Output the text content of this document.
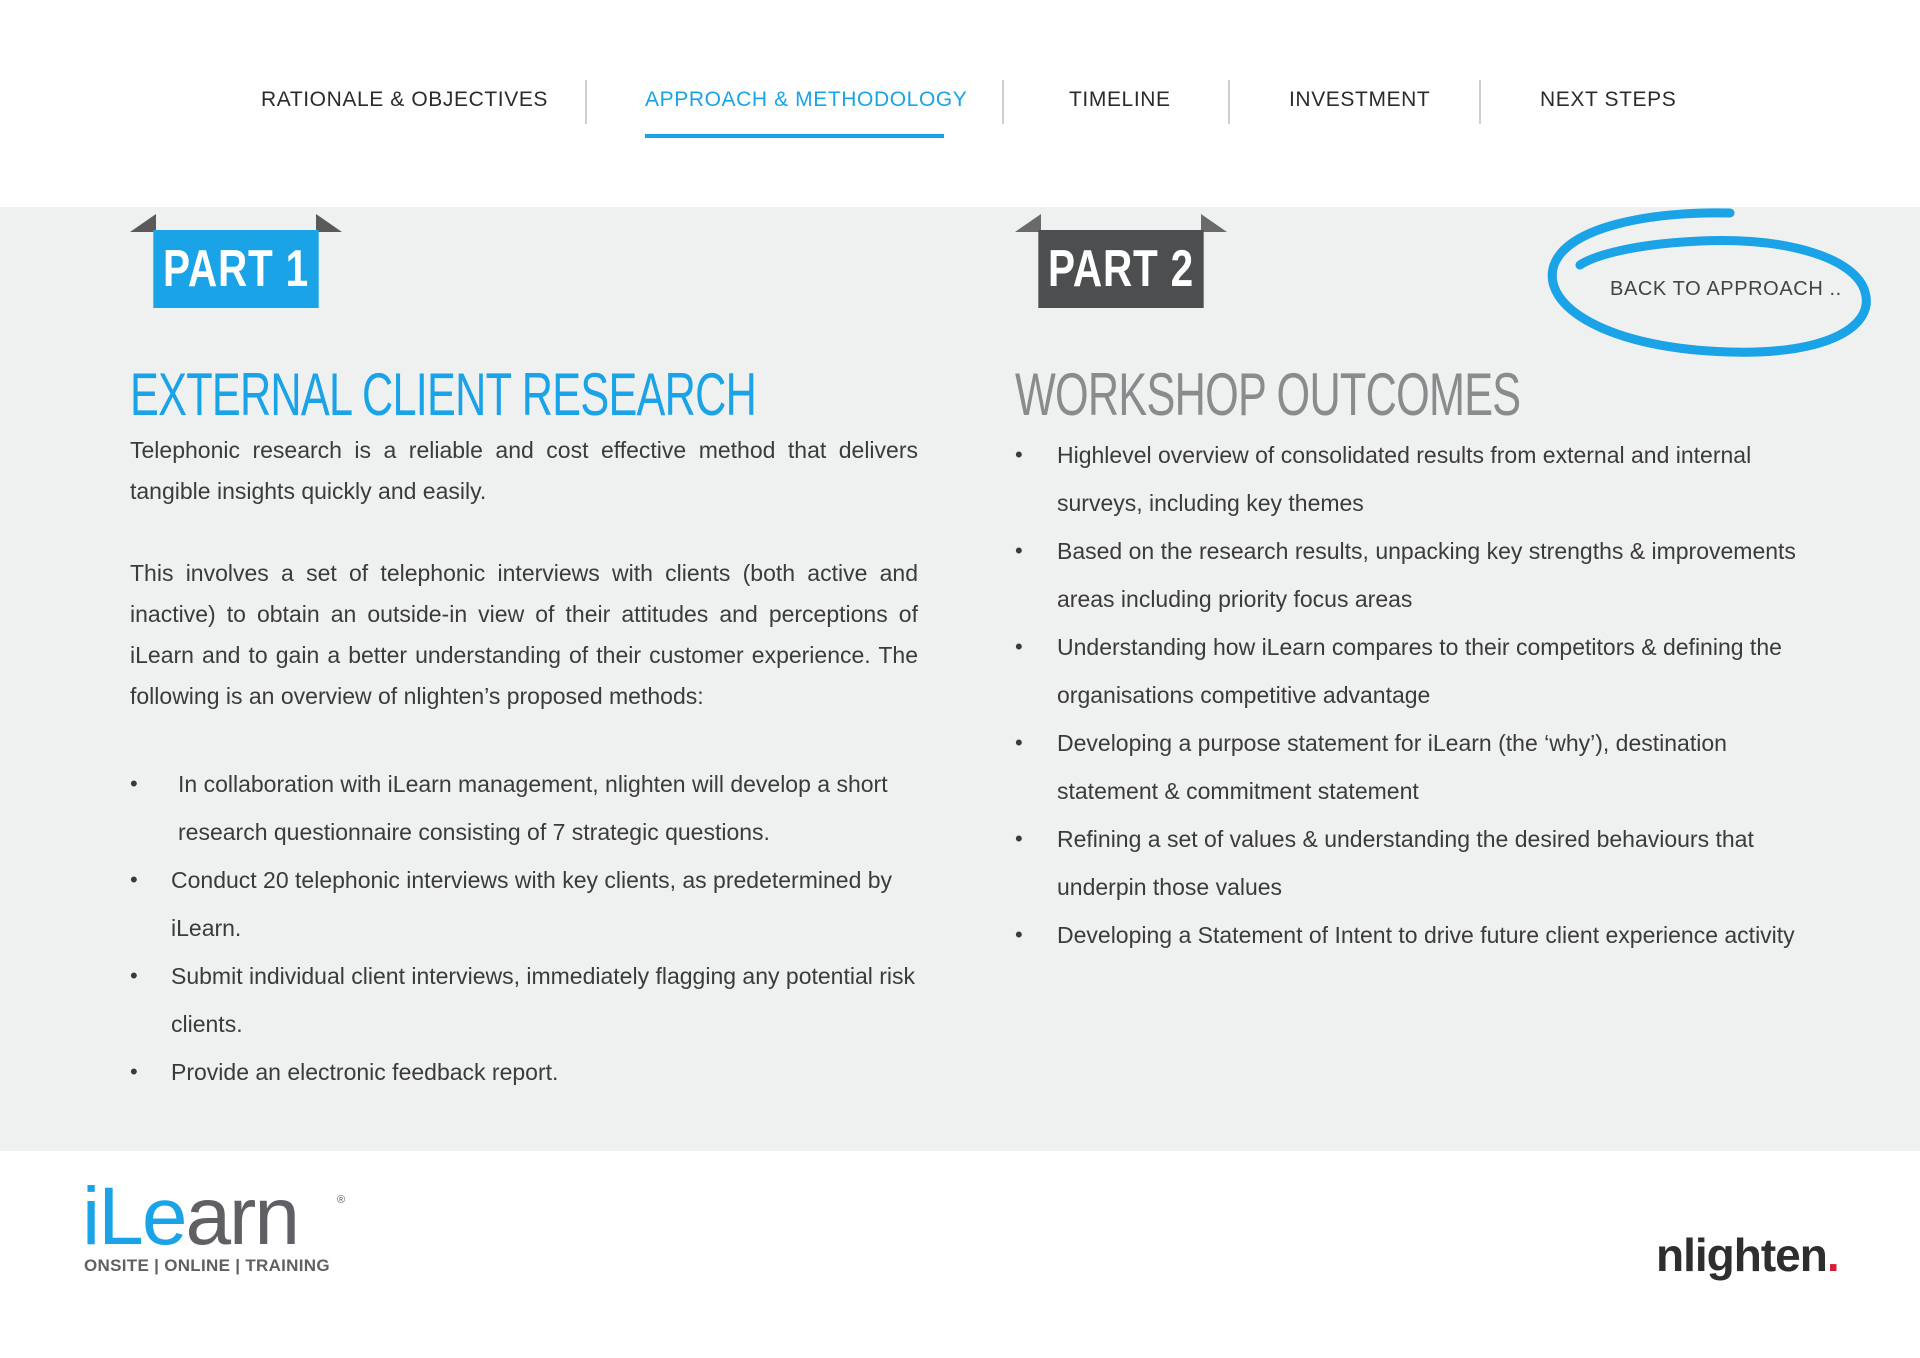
RATIONALE & OBJECTIVES	APPROACH & METHODOLOGY	TIMELINE	INVESTMENT	NEXT STEPS
PART 1
EXTERNAL CLIENT RESEARCH

Telephonic research is a reliable and cost effective method that delivers tangible insights quickly and easily.

This involves a set of telephonic interviews with clients (both active and inactive) to obtain an outside-in view of their attitudes and perceptions of iLearn and to gain a better understanding of their customer experience. The following is an overview of nlighten’s proposed methods:

• In collaboration with iLearn management, nlighten will develop a short research questionnaire consisting of 7 strategic questions.
• Conduct 20 telephonic interviews with key clients, as predetermined by iLearn.
• Submit individual client interviews, immediately flagging any potential risk clients.
• Provide an electronic feedback report.
PART 2
WORKSHOP OUTCOMES
• Highlevel overview of consolidated results from external and internal surveys, including key themes
• Based on the research results, unpacking key strengths & improvements areas including priority focus areas
• Understanding how iLearn compares to their competitors & defining the organisations competitive advantage
• Developing a purpose statement for iLearn (the ‘why’), destination statement & commitment statement
• Refining a set of values & understanding the desired behaviours that underpin those values
• Developing a Statement of Intent to drive future client experience activity
BACK TO APPROACH ..
iLearn	®
ONSITE | ONLINE | TRAINING	nlighten.
